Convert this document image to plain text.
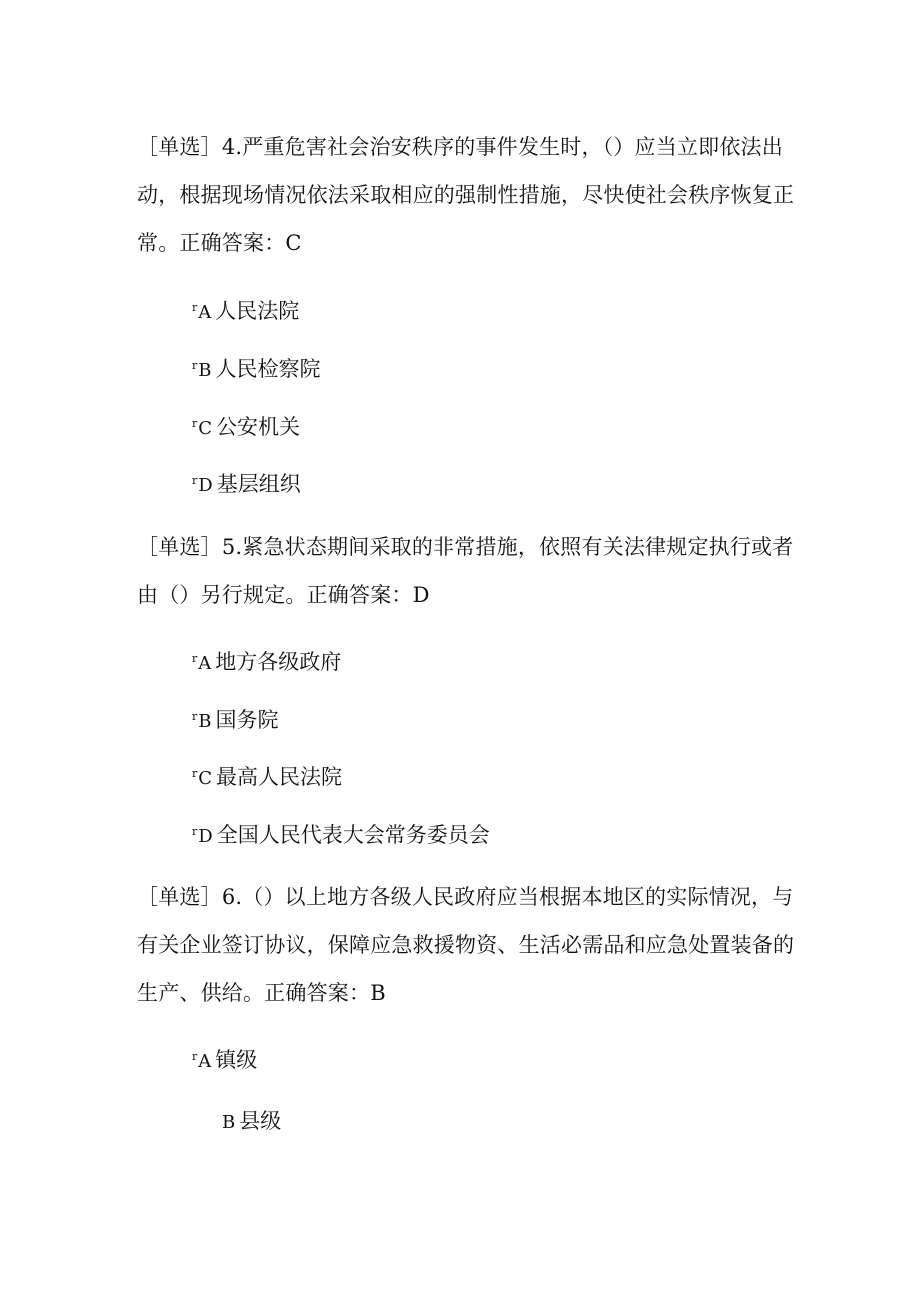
［单选］4.严重危害社会治安秩序的事件发生时，（）应当立即依法出动，根据现场情况依法采取相应的强制性措施，尽快使社会秩序恢复正常。正确答案：C
$^r$A 人民法院
$^r$B 人民检察院
$^r$C 公安机关
$^r$D 基层组织
［单选］5.紧急状态期间采取的非常措施，依照有关法律规定执行或者由（）另行规定。正确答案：D
$^r$A 地方各级政府
$^r$B 国务院
$^r$C 最高人民法院
$^r$D 全国人民代表大会常务委员会
［单选］6.（）以上地方各级人民政府应当根据本地区的实际情况，与有关企业签订协议，保障应急救援物资、生活必需品和应急处置装备的生产、供给。正确答案：B
$^r$A 镇级
B 县级
